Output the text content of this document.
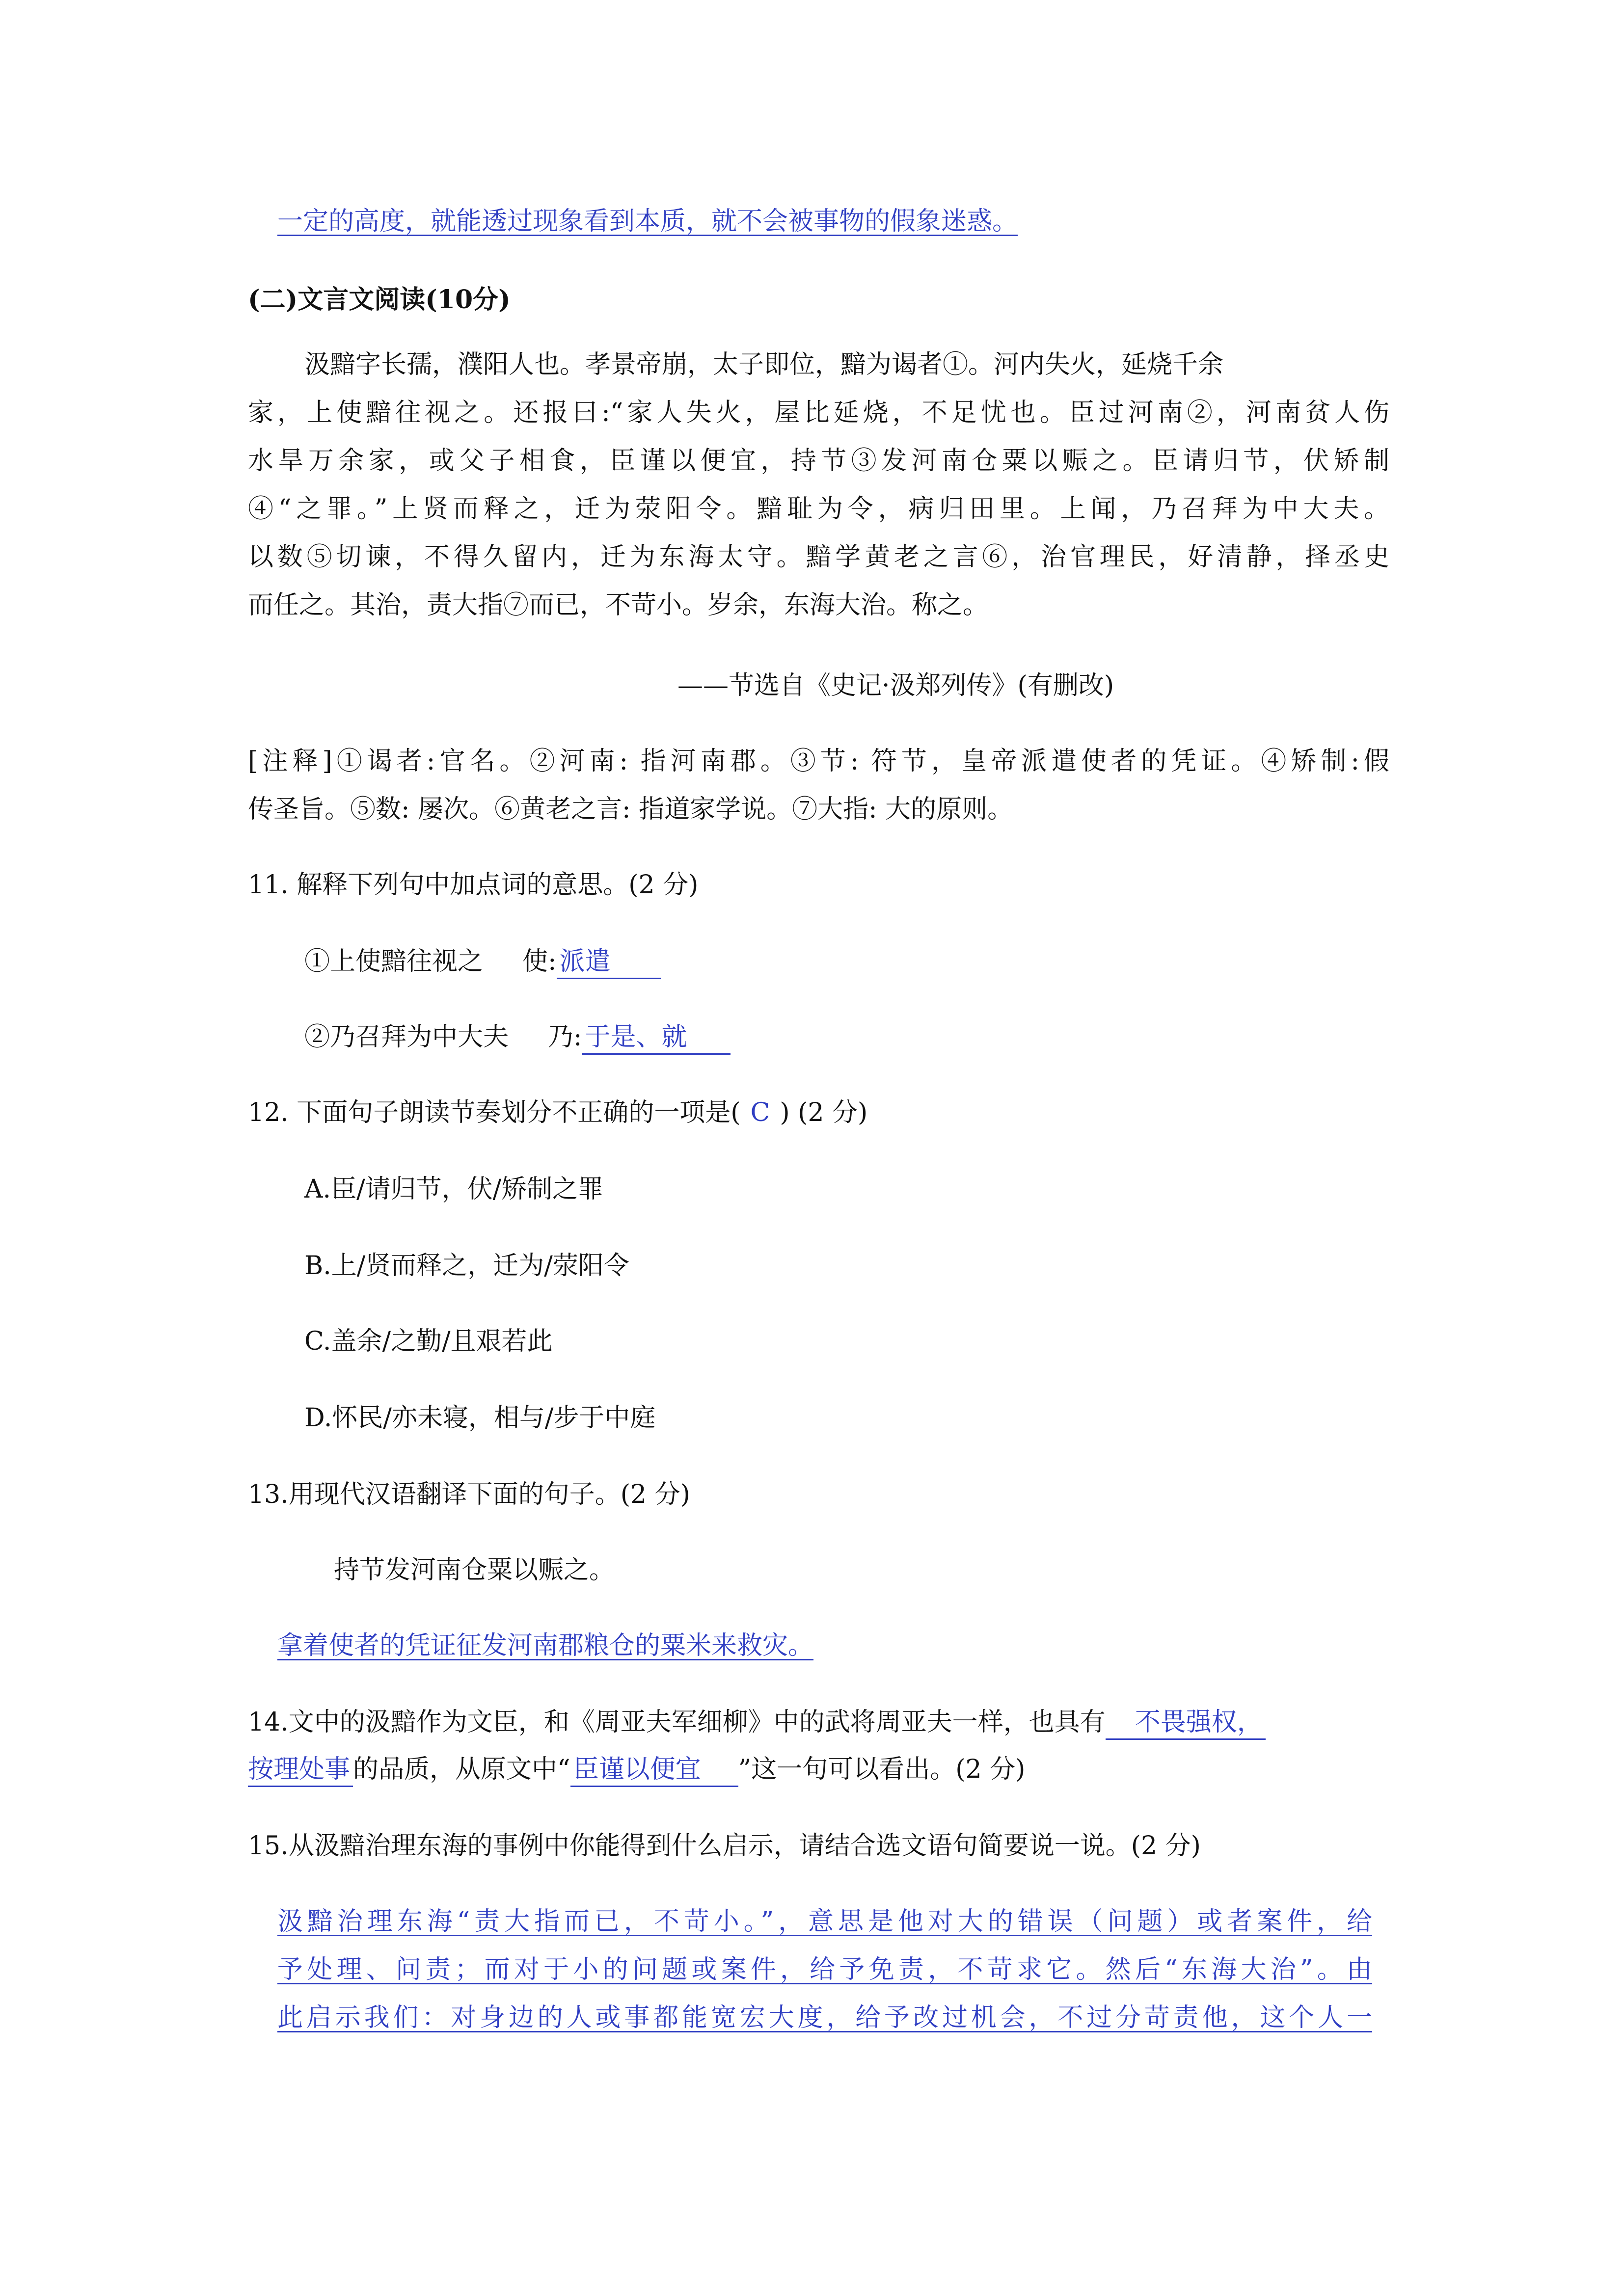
一定的高度，就能透过现象看到本质，就不会被事物的假象迷惑。
(二)文言文阅读(10分)
汲黯字长孺，濮阳人也。孝景帝崩，太子即位，黯为谒者①。河内失火，延烧千余
家，上使黯往视之。还报曰:“家人失火，屋比延烧，不足忧也。臣过河南②，河南贫人伤
水旱万余家，或父子相食，臣谨以便宜，持节③发河南仓粟以赈之。臣请归节，伏矫制
④“之罪。”上贤而释之，迁为荥阳令。黯耻为令，病归田里。上闻，乃召拜为中大夫。
以数⑤切谏，不得久留内，迁为东海太守。黯学黄老之言⑥，治官理民，好清静，择丞史
而任之。其治，责大指⑦而已，不苛小。岁余，东海大治。称之。
——节选自《史记·汲郑列传》(有删改)
[注释]①谒者:官名。②河南: 指河南郡。③节: 符节，皇帝派遣使者的凭证。④矫制:假
传圣旨。⑤数: 屡次。⑥黄老之言: 指道家学说。⑦大指: 大的原则。
11. 解释下列句中加点词的意思。(2 分)
①上使黯往视之 使: 派遣
②乃召拜为中大夫 乃: 于是、就
12. 下面句子朗读节奏划分不正确的一项是( C ) (2 分)
A.臣/请归节，伏/矫制之罪
B.上/贤而释之，迁为/荥阳令
C.盖余/之勤/且艰若此
D.怀民/亦未寝，相与/步于中庭
13.用现代汉语翻译下面的句子。(2 分)
持节发河南仓粟以赈之。
拿着使者的凭证征发河南郡粮仓的粟米来救灾。
14.文中的汲黯作为文臣，和《周亚夫军细柳》中的武将周亚夫一样，也具有 不畏强权，
按理处事 的品质，从原文中“ 臣谨以便宜 ”这一句可以看出。(2 分)
15.从汲黯治理东海的事例中你能得到什么启示，请结合选文语句简要说一说。(2 分)
汲黯治理东海“责大指而已，不苛小。”，意思是他对大的错误（问题）或者案件，给
予处理、问责；而对于小的问题或案件，给予免责，不苛求它。然后“东海大治”。由
此启示我们：对身边的人或事都能宽宏大度，给予改过机会，不过分苛责他，这个人一
